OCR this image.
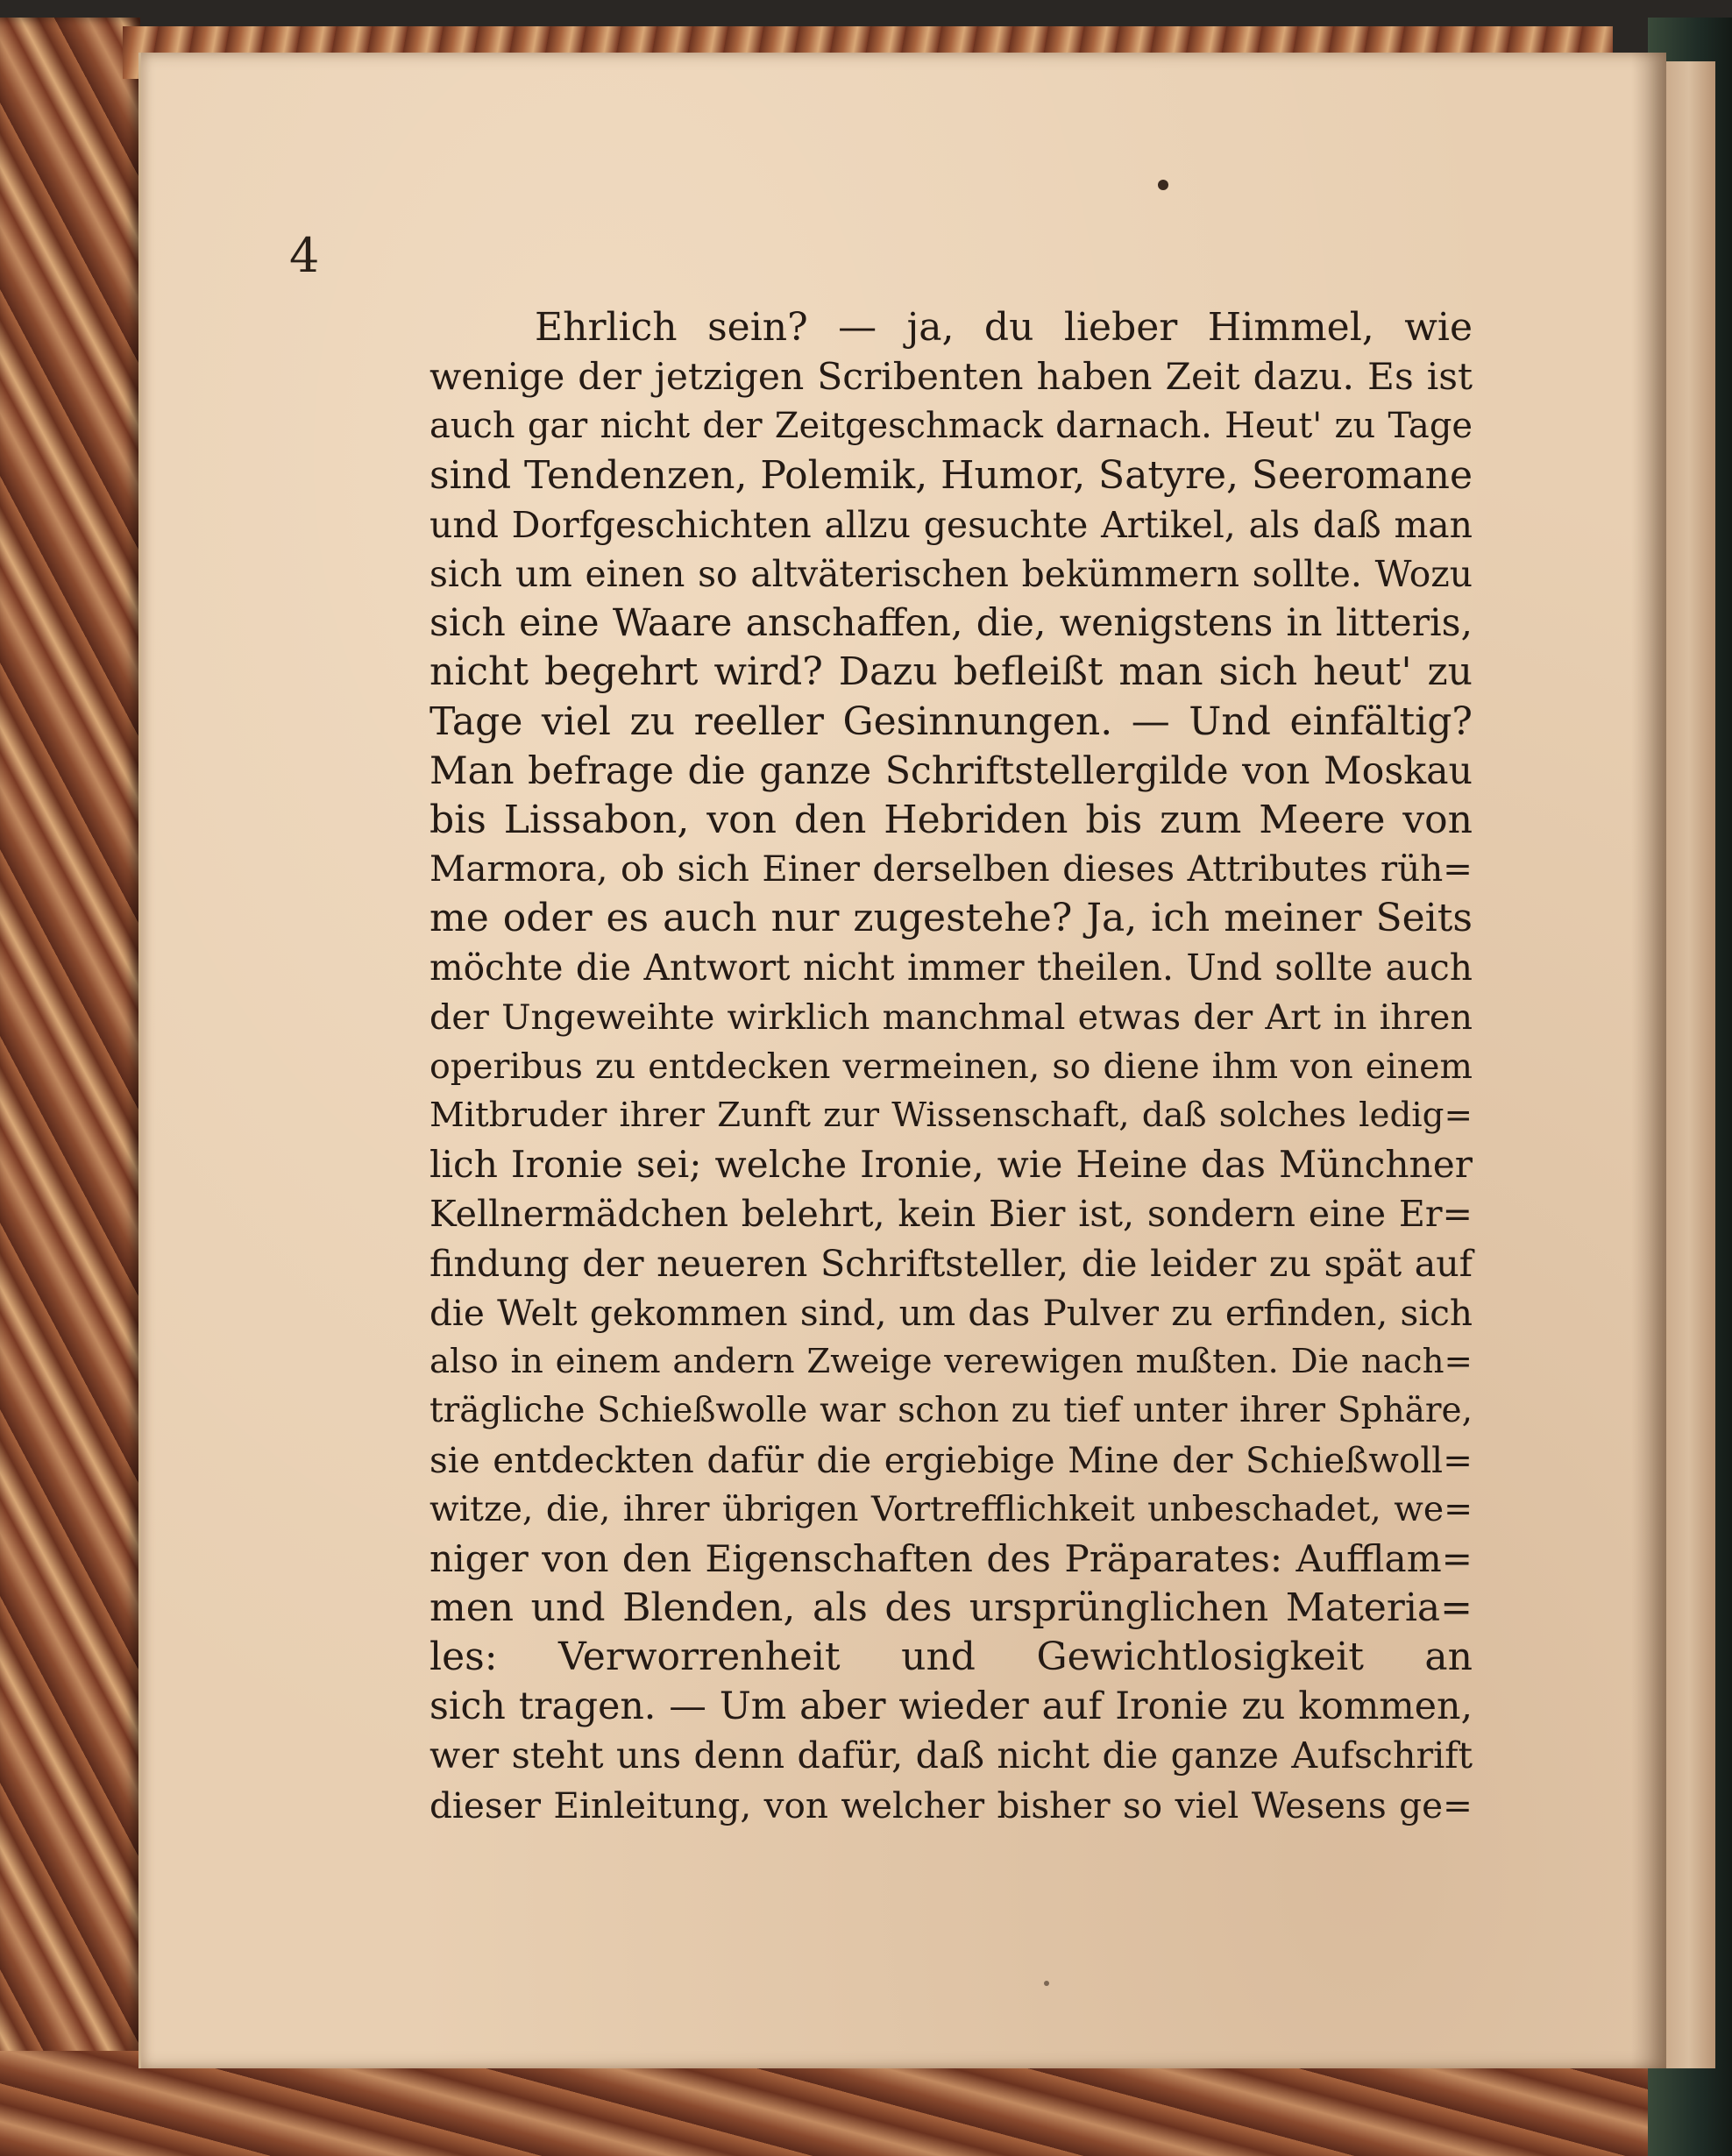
4

Ehrlich sein? — ja, du lieber Himmel, wie
wenige der jetzigen Scribenten haben Zeit dazu. Es ist
auch gar nicht der Zeitgeschmack darnach. Heut' zu Tage
sind Tendenzen, Polemik, Humor, Satyre, Seeromane
und Dorfgeschichten allzu gesuchte Artikel, als daß man
sich um einen so altväterischen bekümmern sollte. Wozu
sich eine Waare anschaffen, die, wenigstens in litteris,
nicht begehrt wird? Dazu befleißt man sich heut' zu
Tage viel zu reeller Gesinnungen. — Und einfältig?
Man befrage die ganze Schriftstellergilde von Moskau
bis Lissabon, von den Hebriden bis zum Meere von
Marmora, ob sich Einer derselben dieses Attributes rüh=
me oder es auch nur zugestehe? Ja, ich meiner Seits
möchte die Antwort nicht immer theilen. Und sollte auch
der Ungeweihte wirklich manchmal etwas der Art in ihren
operibus zu entdecken vermeinen, so diene ihm von einem
Mitbruder ihrer Zunft zur Wissenschaft, daß solches ledig=
lich Ironie sei; welche Ironie, wie Heine das Münchner
Kellnermädchen belehrt, kein Bier ist, sondern eine Er=
findung der neueren Schriftsteller, die leider zu spät auf
die Welt gekommen sind, um das Pulver zu erfinden, sich
also in einem andern Zweige verewigen mußten. Die nach=
trägliche Schießwolle war schon zu tief unter ihrer Sphäre,
sie entdeckten dafür die ergiebige Mine der Schießwoll=
witze, die, ihrer übrigen Vortrefflichkeit unbeschadet, we=
niger von den Eigenschaften des Präparates: Aufflam=
men und Blenden, als des ursprünglichen Materia=
les: Verworrenheit und Gewichtlosigkeit an
sich tragen. — Um aber wieder auf Ironie zu kommen,
wer steht uns denn dafür, daß nicht die ganze Aufschrift
dieser Einleitung, von welcher bisher so viel Wesens ge=
